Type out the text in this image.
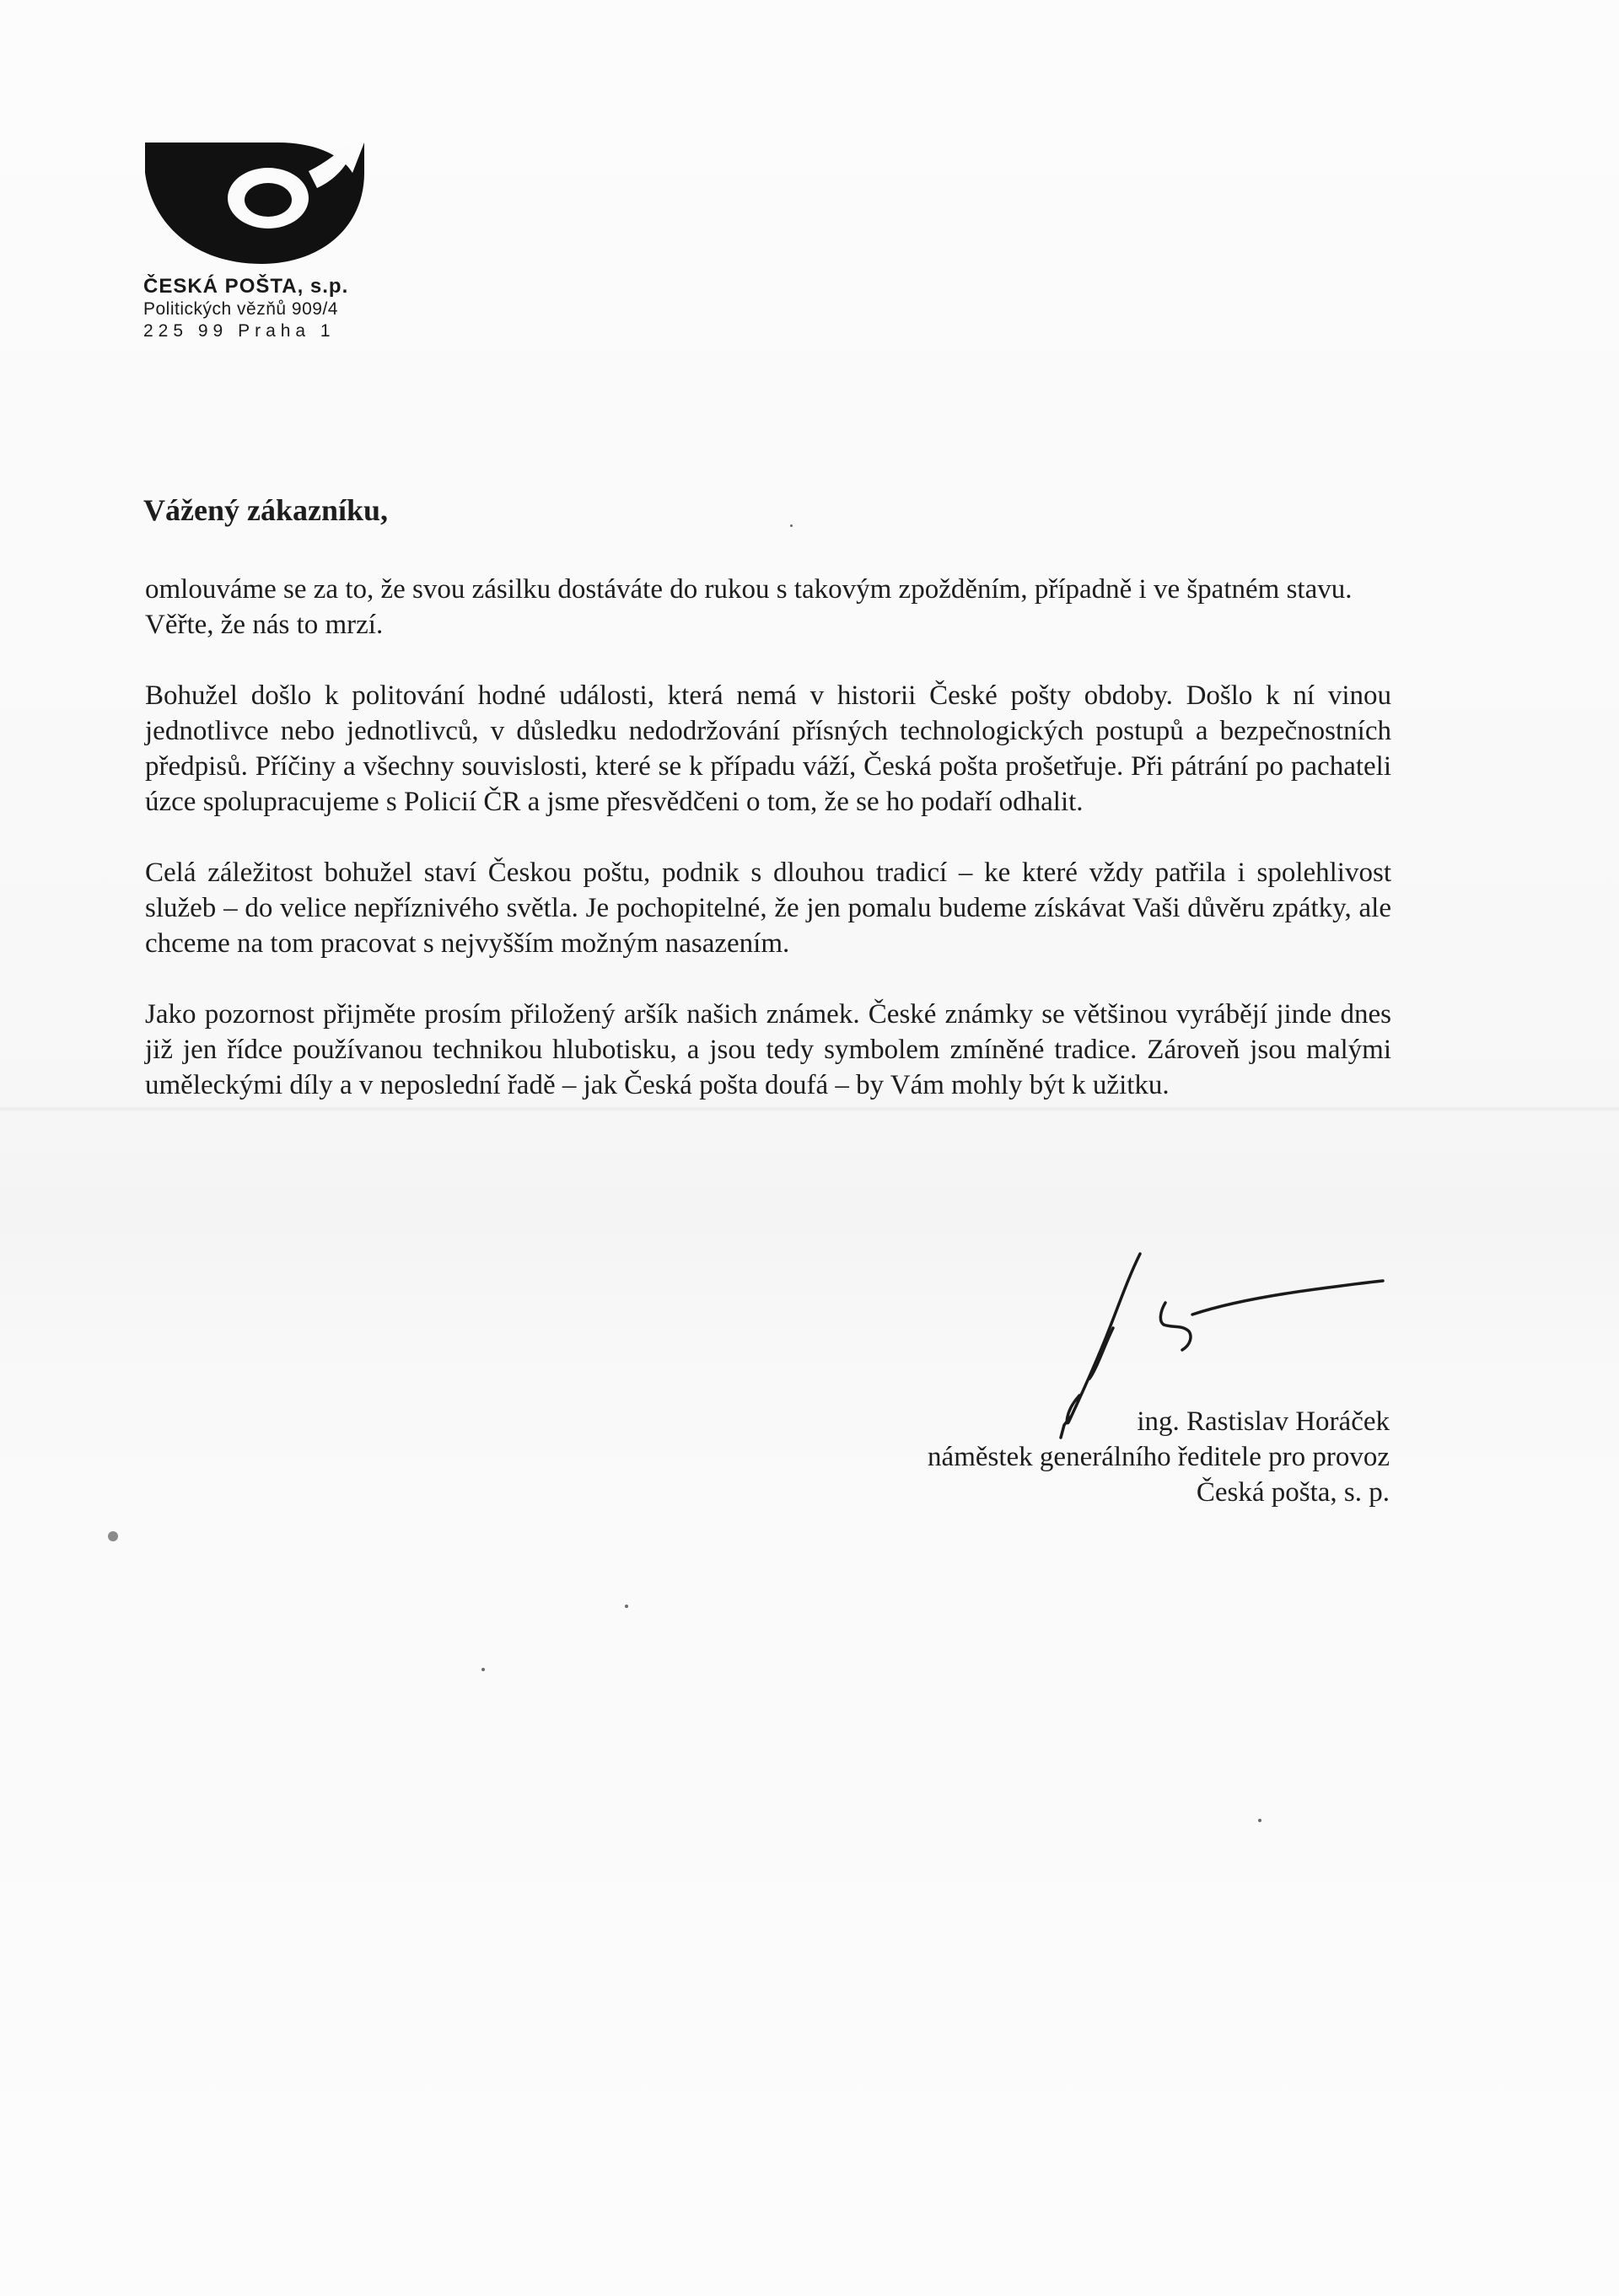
ČESKÁ POŠTA, s.p.
Politických vězňů 909/4
225 99 Praha 1
Vážený zákazníku,

omlouváme se za to, že svou zásilku dostáváte do rukou s takovým zpožděním, případně i ve špatném stavu. Věřte, že nás to mrzí.

Bohužel došlo k politování hodné události, která nemá v historii České pošty obdoby. Došlo k ní vinou jednotlivce nebo jednotlivců, v důsledku nedodržování přísných technologických postupů a bezpečnostních předpisů. Příčiny a všechny souvislosti, které se k případu váží, Česká pošta prošetřuje. Při pátrání po pachateli úzce spolupracujeme s Policií ČR a jsme přesvědčeni o tom, že se ho podaří odhalit.

Celá záležitost bohužel staví Českou poštu, podnik s dlouhou tradicí – ke které vždy patřila i spolehlivost služeb – do velice nepříznivého světla. Je pochopitelné, že jen pomalu budeme získávat Vaši důvěru zpátky, ale chceme na tom pracovat s nejvyšším možným nasazením.

Jako pozornost přijměte prosím přiložený aršík našich známek. České známky se většinou vyrábějí jinde dnes již jen řídce používanou technikou hlubotisku, a jsou tedy symbolem zmíněné tradice. Zároveň jsou malými uměleckými díly a v neposlední řadě – jak Česká pošta doufá – by Vám mohly být k užitku.

ing. Rastislav Horáček
náměstek generálního ředitele pro provoz
Česká pošta, s. p.
